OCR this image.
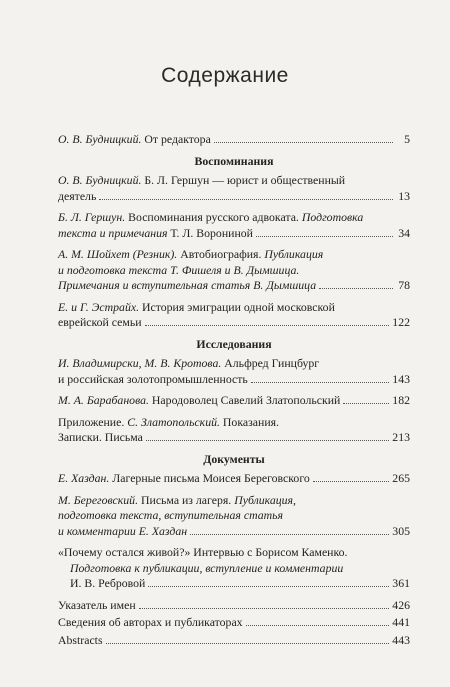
Содержание
О. В. Будницкий. От редактора	5
Воспоминания
О. В. Будницкий. Б. Л. Гершун — юрист и общественный
деятель	13
Б. Л. Гершун. Воспоминания русского адвоката. Подготовка
текста и примечания Т. Л. Ворониной	34
А. М. Шойхет (Резник). Автобиография. Публикация
и подготовка текста Т. Фишеля и В. Дымшица.
Примечания и вступительная статья В. Дымшица	78
Е. и Г. Эстрайх. История эмиграции одной московской
еврейской семьи	122
Исследования
И. Владимирски, М. В. Кротова. Альфред Гинцбург
и российская золотопромышленность	143
М. А. Барабанова. Народоволец Савелий Златопольский	182
Приложение. С. Златопольский. Показания.
Записки. Письма	213
Документы
Е. Хаздан. Лагерные письма Моисея Береговского	265
М. Береговский. Письма из лагеря. Публикация,
подготовка текста, вступительная статья
и комментарии Е. Хаздан	305
«Почему остался живой?» Интервью с Борисом Каменко.
Подготовка к публикации, вступление и комментарии
И. В. Ребровой	361
Указатель имен	426
Сведения об авторах и публикаторах	441
Abstracts	443
